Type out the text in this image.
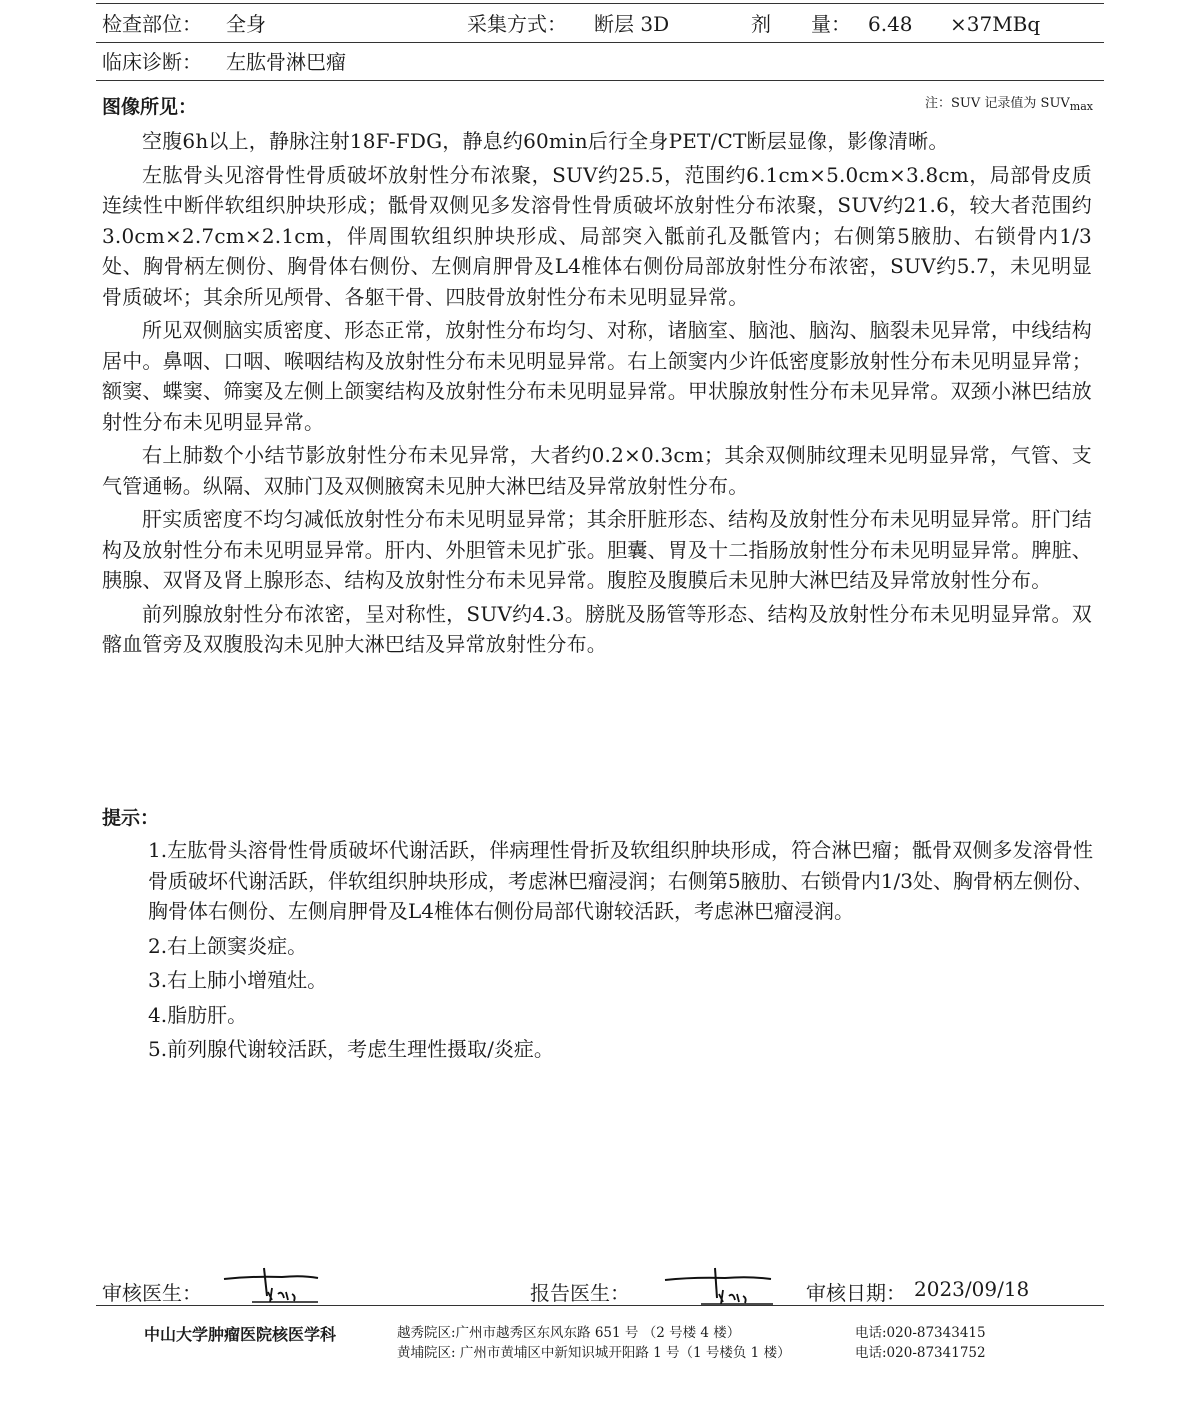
检查部位： 全身	采集方式： 断层 3D	剂　　量： 6.48 ×37MBq
临床诊断： 左肱骨淋巴瘤
图像所见：	注：SUV 记录值为 $SUV_{max}$

空腹6h以上，静脉注射18F-FDG，静息约60min后行全身PET/CT断层显像，影像清晰。

左肱骨头见溶骨性骨质破坏放射性分布浓聚，SUV约25.5，范围约6.1cm×5.0cm×3.8cm，局部骨皮质连续性中断伴软组织肿块形成；骶骨双侧见多发溶骨性骨质破坏放射性分布浓聚，SUV约21.6，较大者范围约3.0cm×2.7cm×2.1cm，伴周围软组织肿块形成、局部突入骶前孔及骶管内；右侧第5腋肋、右锁骨内1/3处、胸骨柄左侧份、胸骨体右侧份、左侧肩胛骨及L4椎体右侧份局部放射性分布浓密，SUV约5.7，未见明显骨质破坏；其余所见颅骨、各躯干骨、四肢骨放射性分布未见明显异常。

所见双侧脑实质密度、形态正常，放射性分布均匀、对称，诸脑室、脑池、脑沟、脑裂未见异常，中线结构居中。鼻咽、口咽、喉咽结构及放射性分布未见明显异常。右上颌窦内少许低密度影放射性分布未见明显异常；额窦、蝶窦、筛窦及左侧上颌窦结构及放射性分布未见明显异常。甲状腺放射性分布未见异常。双颈小淋巴结放射性分布未见明显异常。

右上肺数个小结节影放射性分布未见异常，大者约0.2×0.3cm；其余双侧肺纹理未见明显异常，气管、支气管通畅。纵隔、双肺门及双侧腋窝未见肿大淋巴结及异常放射性分布。

肝实质密度不均匀减低放射性分布未见明显异常；其余肝脏形态、结构及放射性分布未见明显异常。肝门结构及放射性分布未见明显异常。肝内、外胆管未见扩张。胆囊、胃及十二指肠放射性分布未见明显异常。脾脏、胰腺、双肾及肾上腺形态、结构及放射性分布未见异常。腹腔及腹膜后未见肿大淋巴结及异常放射性分布。

前列腺放射性分布浓密，呈对称性，SUV约4.3。膀胱及肠管等形态、结构及放射性分布未见明显异常。双髂血管旁及双腹股沟未见肿大淋巴结及异常放射性分布。

提示：
1.左肱骨头溶骨性骨质破坏代谢活跃，伴病理性骨折及软组织肿块形成，符合淋巴瘤；骶骨双侧多发溶骨性骨质破坏代谢活跃，伴软组织肿块形成，考虑淋巴瘤浸润；右侧第5腋肋、右锁骨内1/3处、胸骨柄左侧份、胸骨体右侧份、左侧肩胛骨及L4椎体右侧份局部代谢较活跃，考虑淋巴瘤浸润。
2.右上颌窦炎症。
3.右上肺小增殖灶。
4.脂肪肝。
5.前列腺代谢较活跃，考虑生理性摄取/炎症。
审核医生：	报告医生：	审核日期： 2023/09/18
中山大学肿瘤医院核医学科	越秀院区:广州市越秀区东风东路 651 号 （2 号楼 4 楼）	电话:020-87343415
黄埔院区: 广州市黄埔区中新知识城开阳路 1 号（1 号楼负 1 楼）	电话:020-87341752
